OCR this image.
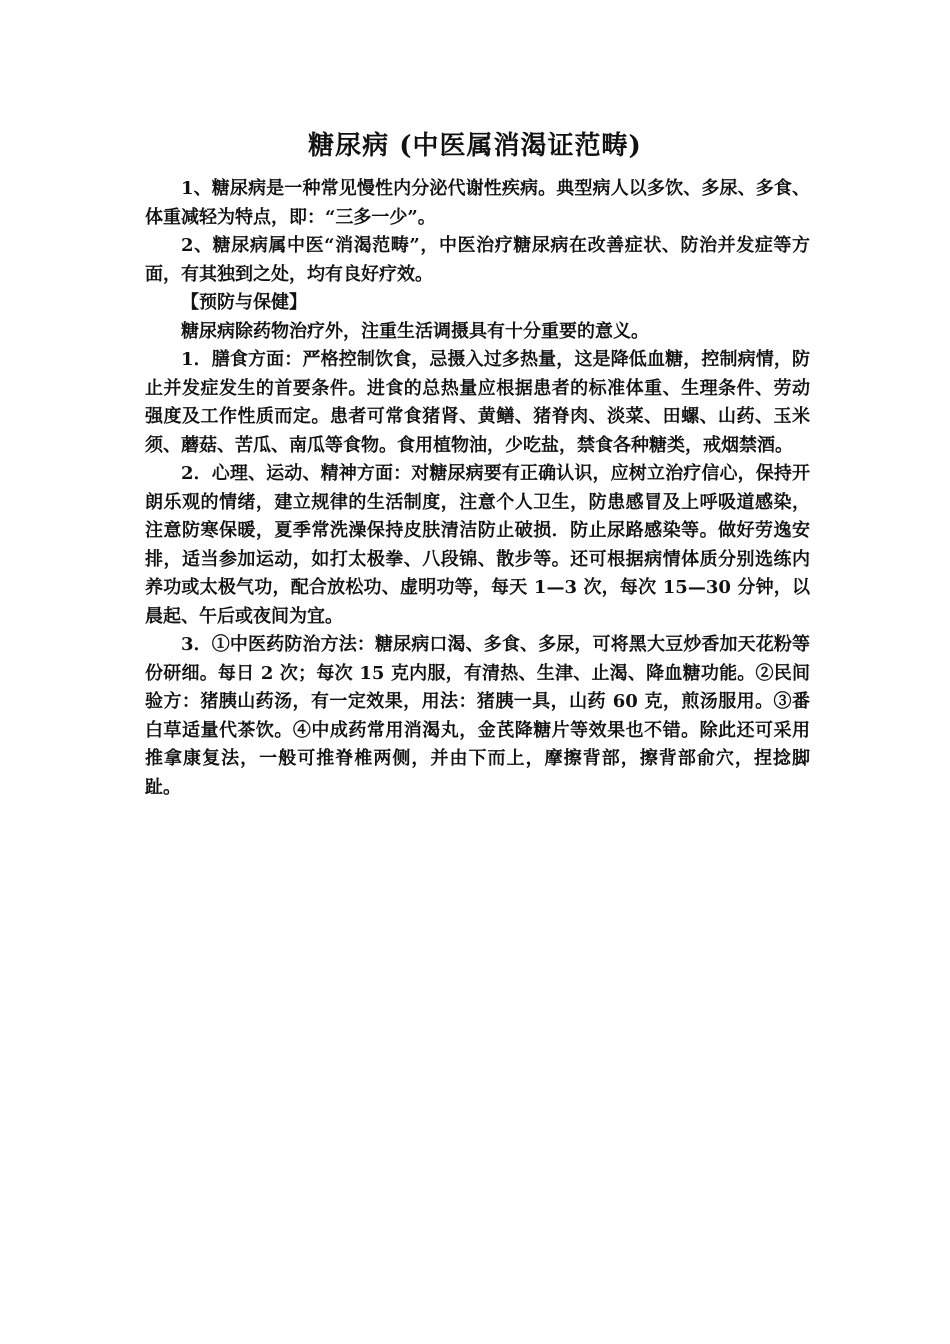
糖尿病 (中医属消渴证范畴)

1、糖尿病是一种常见慢性内分泌代谢性疾病。典型病人以多饮、多尿、多食、体重减轻为特点，即：“三多一少”。

2、糖尿病属中医“消渴范畴”，中医治疗糖尿病在改善症状、防治并发症等方面，有其独到之处，均有良好疗效。

【预防与保健】

糖尿病除药物治疗外，注重生活调摄具有十分重要的意义。

1．膳食方面：严格控制饮食，忌摄入过多热量，这是降低血糖，控制病情，防止并发症发生的首要条件。进食的总热量应根据患者的标准体重、生理条件、劳动强度及工作性质而定。患者可常食猪肾、黄鳝、猪脊肉、淡菜、田螺、山药、玉米须、蘑菇、苦瓜、南瓜等食物。食用植物油，少吃盐，禁食各种糖类，戒烟禁酒。

2．心理、运动、精神方面：对糖尿病要有正确认识，应树立治疗信心，保持开朗乐观的情绪，建立规律的生活制度，注意个人卫生，防患感冒及上呼吸道感染，注意防寒保暖，夏季常洗澡保持皮肤清洁防止破损．防止尿路感染等。做好劳逸安排，适当参加运动，如打太极拳、八段锦、散步等。还可根据病情体质分别选练内养功或太极气功，配合放松功、虚明功等，每天 1—3 次，每次 15—30 分钟，以晨起、午后或夜间为宜。

3．①中医药防治方法：糖尿病口渴、多食、多尿，可将黑大豆炒香加天花粉等份研细。每日 2 次；每次 15 克内服，有清热、生津、止渴、降血糖功能。②民间验方：猪胰山药汤，有一定效果，用法：猪胰一具，山药 60 克，煎汤服用。③番白草适量代茶饮。④中成药常用消渴丸，金芪降糖片等效果也不错。除此还可采用推拿康复法，一般可推脊椎两侧，并由下而上，摩擦背部，擦背部俞穴，捏捻脚趾。
